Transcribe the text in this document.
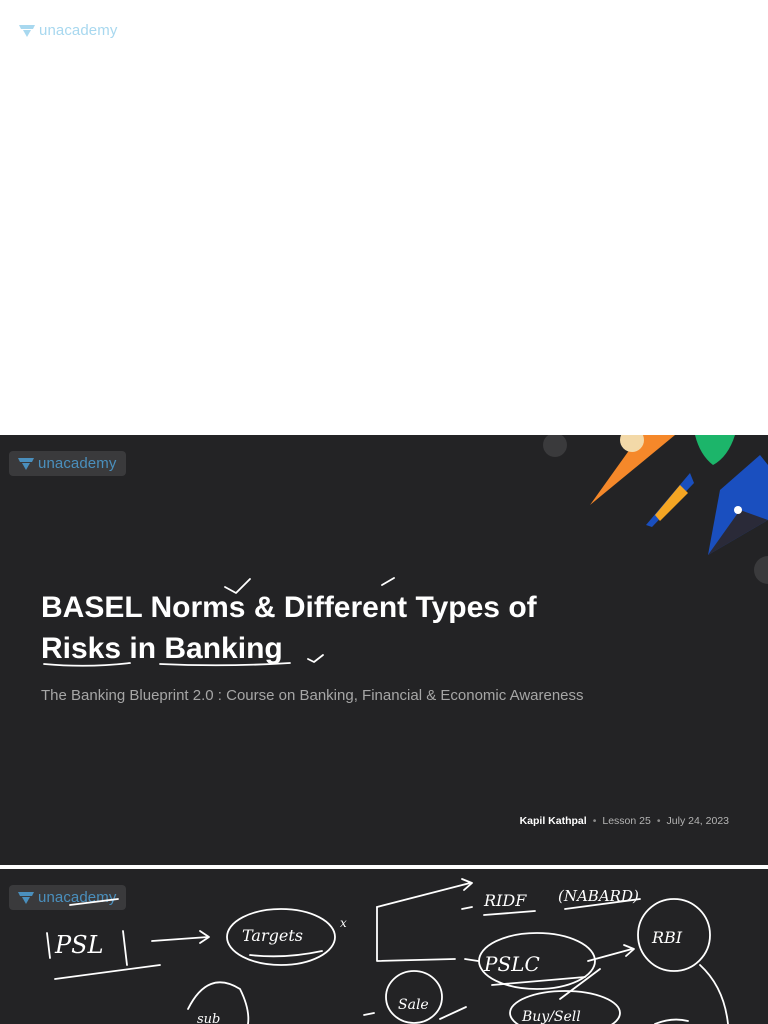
unacademy
unacademy
BASEL Norms & Different Types of
Risks in Banking
The Banking Blueprint 2.0 : Course on Banking, Financial & Economic Awareness
Kapil Kathpal • Lesson 25 • July 24, 2023
unacademy
PSL	Targets
x
RIDF (NABARD)
PSLC
RBI
Sale
Buy/Sell
sub
